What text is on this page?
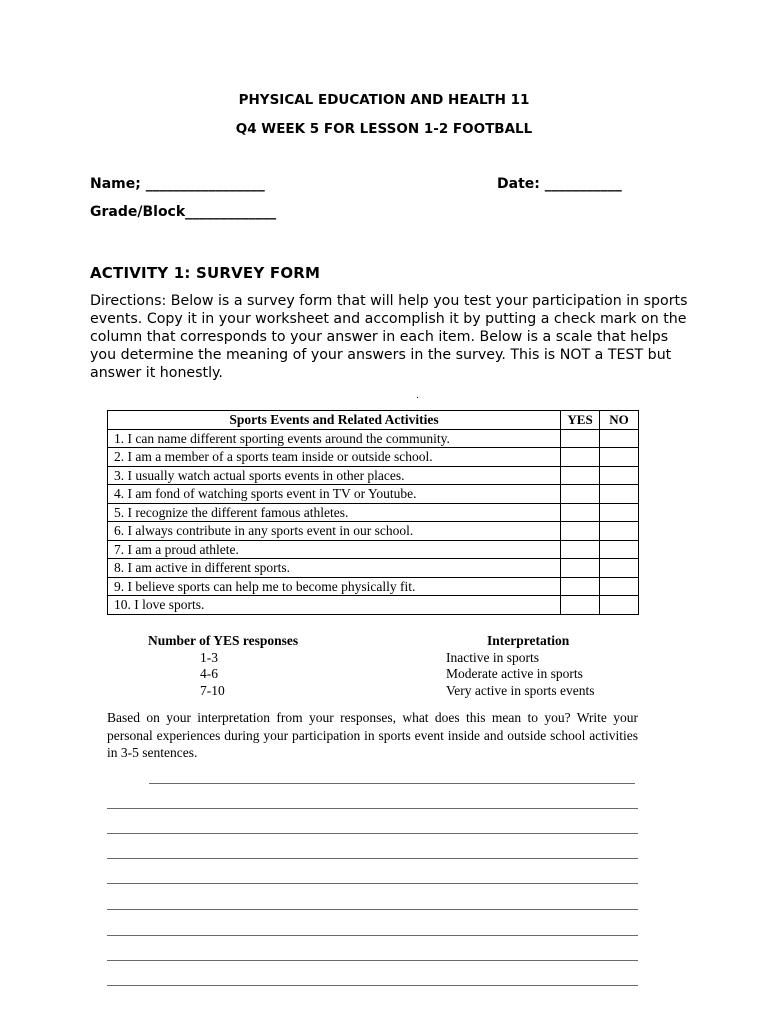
PHYSICAL EDUCATION AND HEALTH 11
Q4 WEEK 5 FOR LESSON 1-2 FOOTBALL
Name; _________________	Date: ___________
Grade/Block_____________
ACTIVITY 1: SURVEY FORM
Directions: Below is a survey form that will help you test your participation in sports events. Copy it in your worksheet and accomplish it by putting a check mark on the column that corresponds to your answer in each item. Below is a scale that helps you determine the meaning of your answers in the survey. This is NOT a TEST but answer it honestly.
.
Sports Events and Related Activities	YES	NO
1. I can name different sporting events around the community.		
2. I am a member of a sports team inside or outside school.		
3. I usually watch actual sports events in other places.		
4. I am fond of watching sports event in TV or Youtube.		
5. I recognize the different famous athletes.		
6. I always contribute in any sports event in our school.		
7. I am a proud athlete.		
8. I am active in different sports.		
9. I believe sports can help me to become physically fit.		
10. I love sports.		
Number of YES responses	Interpretation
1-3	Inactive in sports
4-6	Moderate active in sports
7-10	Very active in sports events
Based on your interpretation from your responses, what does this mean to you? Write your personal experiences during your participation in sports event inside and outside school activities in 3-5 sentences.
